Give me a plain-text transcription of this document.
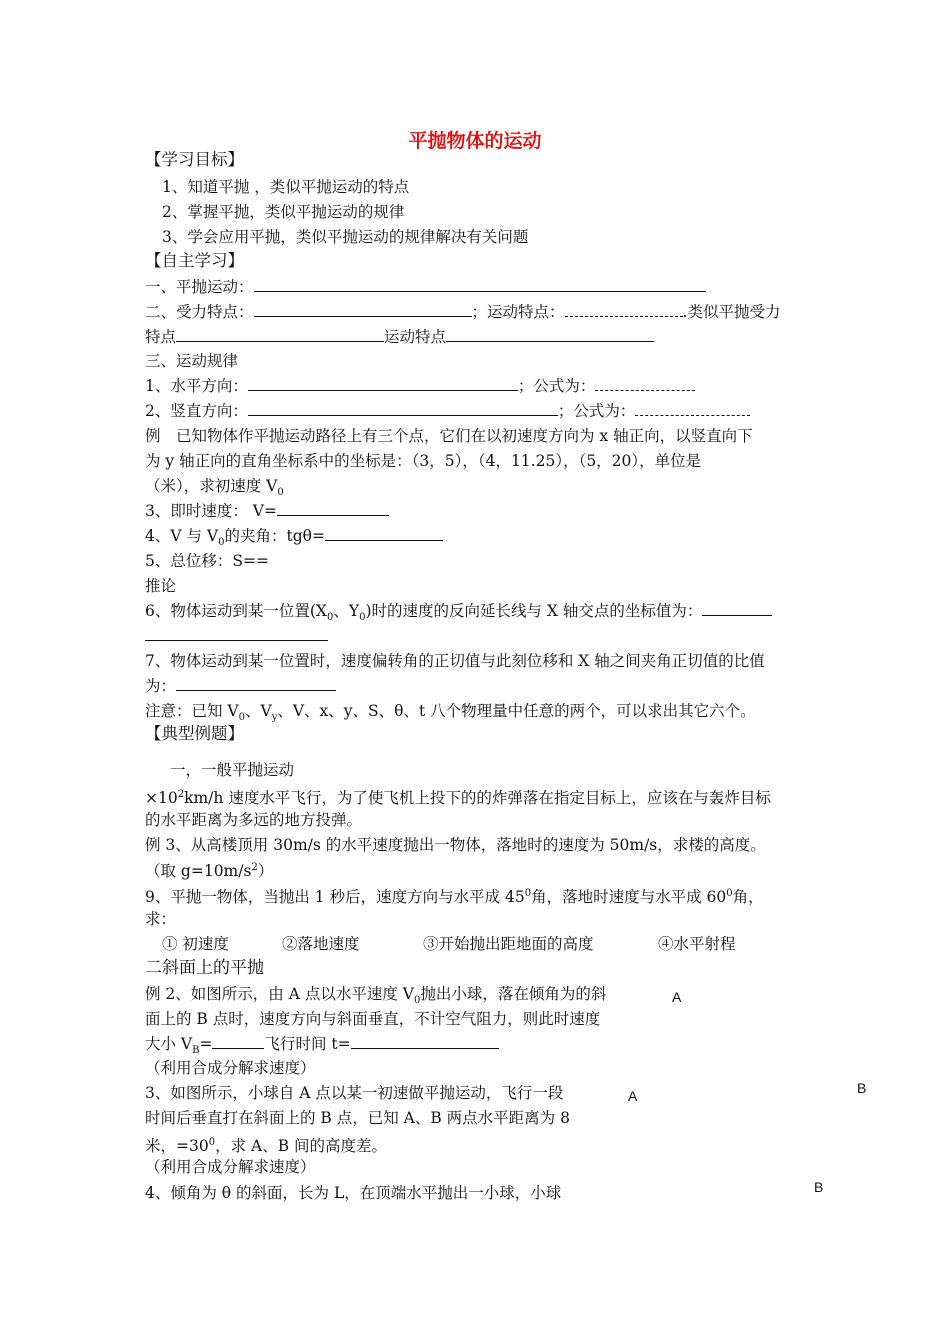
平抛物体的运动
【学习目标】
1、知道平抛 ，类似平抛运动的特点
2、掌握平抛，类似平抛运动的规律
3、学会应用平抛，类似平抛运动的规律解决有关问题
【自主学习】
一、平抛运动：
二、受力特点：	；运动特点：	.类似平抛受力
特点	运动特点
三、运动规律
1、水平方向：	；公式为：
2、竖直方向：	；公式为：
例　已知物体作平抛运动路径上有三个点，它们在以初速度方向为 x 轴正向，以竖直向下
为 y 轴正向的直角坐标系中的坐标是：（3，5），（4，11.25），（5，20），单位是
（米），求初速度 $V_0$
3、即时速度： V=
4、V 与 $V_0$的夹角：tgθ=
5、总位移：S==
推论
6、物体运动到某一位置($X_0$、$Y_0$)时的速度的反向延长线与 X 轴交点的坐标值为：
7、物体运动到某一位置时，速度偏转角的正切值与此刻位移和 X 轴之间夹角正切值的比值
为：
注意：已知 $V_0$、$V_y$、V、x、y、S、θ、t 八个物理量中任意的两个，可以求出其它六个。
【典型例题】
一，一般平抛运动
$\times 10^2km/h$ 速度水平飞行，为了使飞机上投下的的炸弹落在指定目标上，应该在与轰炸目标
的水平距离为多远的地方投弹。
例 3、从高楼顶用 30m/s 的水平速度抛出一物体，落地时的速度为 50m/s，求楼的高度。
（取 $g=10m/s^2$）
9、平抛一物体，当抛出 1 秒后，速度方向与水平成 $45^0$角，落地时速度与水平成 $60^0$角，
求：
① 初速度	②落地速度	③开始抛出距地面的高度	④水平射程
二斜面上的平抛
例 2、如图所示，由 A 点以水平速度 $V_0$抛出小球，落在倾角为的斜
面上的 B 点时，速度方向与斜面垂直，不计空气阻力，则此时速度
大小 $V_B=$	飞行时间 t=
（利用合成分解求速度）
3、如图所示，小球自 A 点以某一初速做平抛运动，飞行一段
时间后垂直打在斜面上的 B 点，已知 A、B 两点水平距离为 8
米，$=30^0$，求 A、B 间的高度差。
（利用合成分解求速度）
4、倾角为 θ 的斜面，长为 L，在顶端水平抛出一小球，小球
A
A	B
B
